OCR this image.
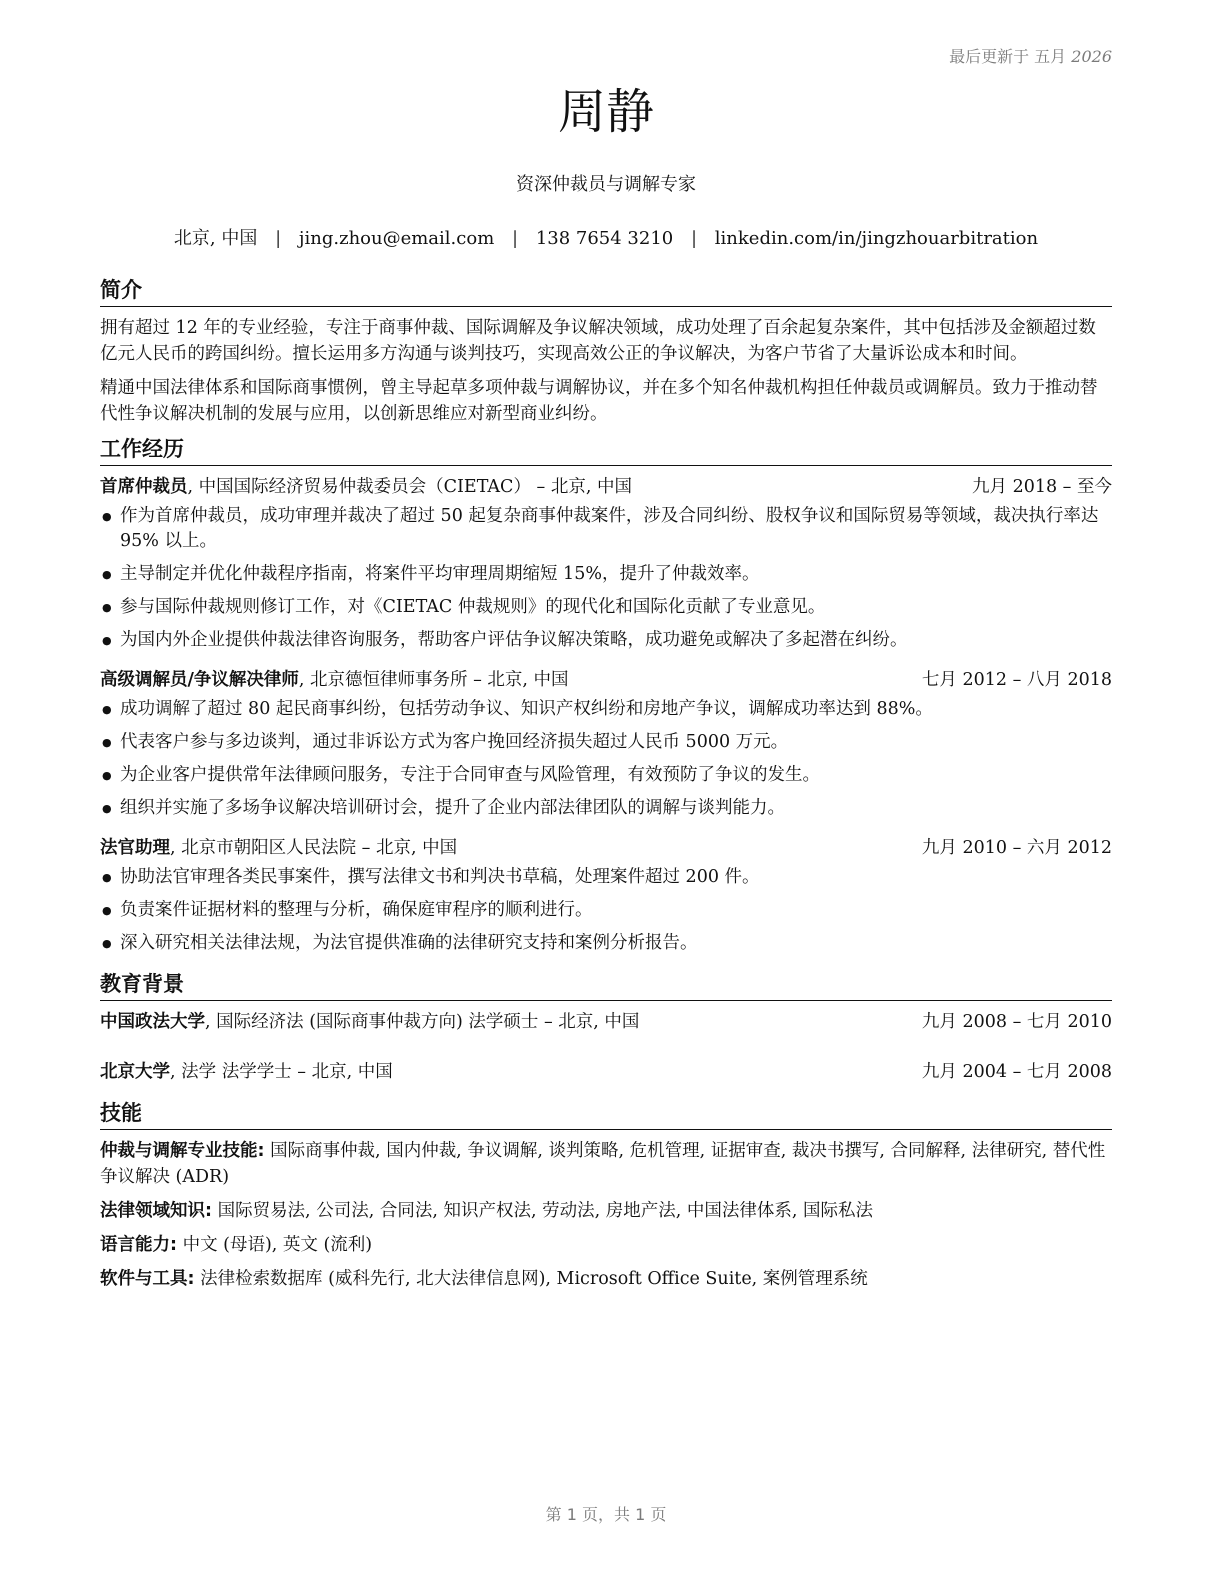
最后更新于 五月 2026
周静
资深仲裁员与调解专家
北京, 中国 | jing.zhou@email.com | 138 7654 3210 | linkedin.com/in/jingzhouarbitration
简介

拥有超过 12 年的专业经验，专注于商事仲裁、国际调解及争议解决领域，成功处理了百余起复杂案件，其中包括涉及金额超过数亿元人民币的跨国纠纷。擅长运用多方沟通与谈判技巧，实现高效公正的争议解决，为客户节省了大量诉讼成本和时间。

精通中国法律体系和国际商事惯例，曾主导起草多项仲裁与调解协议，并在多个知名仲裁机构担任仲裁员或调解员。致力于推动替代性争议解决机制的发展与应用，以创新思维应对新型商业纠纷。

工作经历
首席仲裁员, 中国国际经济贸易仲裁委员会（CIETAC） – 北京, 中国	九月 2018 – 至今
● 作为首席仲裁员，成功审理并裁决了超过 50 起复杂商事仲裁案件，涉及合同纠纷、股权争议和国际贸易等领域，裁决执行率达 95% 以上。
● 主导制定并优化仲裁程序指南，将案件平均审理周期缩短 15%，提升了仲裁效率。
● 参与国际仲裁规则修订工作，对《CIETAC 仲裁规则》的现代化和国际化贡献了专业意见。
● 为国内外企业提供仲裁法律咨询服务，帮助客户评估争议解决策略，成功避免或解决了多起潜在纠纷。
高级调解员/争议解决律师, 北京德恒律师事务所 – 北京, 中国	七月 2012 – 八月 2018
● 成功调解了超过 80 起民商事纠纷，包括劳动争议、知识产权纠纷和房地产争议，调解成功率达到 88%。
● 代表客户参与多边谈判，通过非诉讼方式为客户挽回经济损失超过人民币 5000 万元。
● 为企业客户提供常年法律顾问服务，专注于合同审查与风险管理，有效预防了争议的发生。
● 组织并实施了多场争议解决培训研讨会，提升了企业内部法律团队的调解与谈判能力。
法官助理, 北京市朝阳区人民法院 – 北京, 中国	九月 2010 – 六月 2012
● 协助法官审理各类民事案件，撰写法律文书和判决书草稿，处理案件超过 200 件。
● 负责案件证据材料的整理与分析，确保庭审程序的顺利进行。
● 深入研究相关法律法规，为法官提供准确的法律研究支持和案例分析报告。
教育背景
中国政法大学, 国际经济法 (国际商事仲裁方向) 法学硕士 – 北京, 中国	九月 2008 – 七月 2010
北京大学, 法学 法学学士 – 北京, 中国	九月 2004 – 七月 2008
技能
仲裁与调解专业技能: 国际商事仲裁, 国内仲裁, 争议调解, 谈判策略, 危机管理, 证据审查, 裁决书撰写, 合同解释, 法律研究, 替代性争议解决 (ADR)
法律领域知识: 国际贸易法, 公司法, 合同法, 知识产权法, 劳动法, 房地产法, 中国法律体系, 国际私法
语言能力: 中文 (母语), 英文 (流利)
软件与工具: 法律检索数据库 (威科先行, 北大法律信息网), Microsoft Office Suite, 案例管理系统
第 1 页，共 1 页
